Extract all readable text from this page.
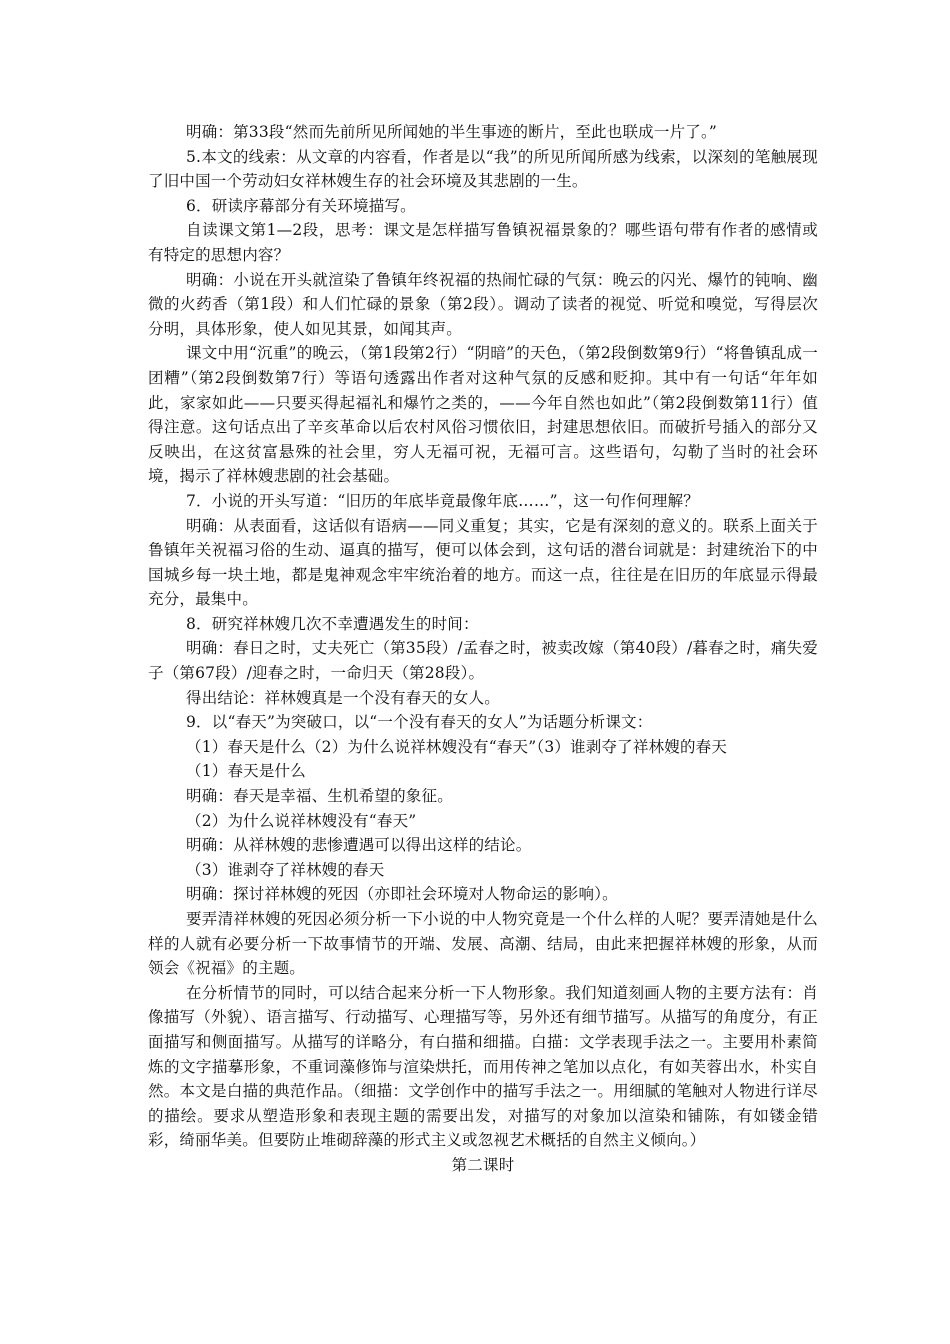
明确：第33段“然而先前所见所闻她的半生事迹的断片，至此也联成一片了。”

5.本文的线索：从文章的内容看，作者是以“我”的所见所闻所感为线索，以深刻的笔触展现了旧中国一个劳动妇女祥林嫂生存的社会环境及其悲剧的一生。

6．研读序幕部分有关环境描写。

自读课文第1—2段，思考：课文是怎样描写鲁镇祝福景象的？哪些语句带有作者的感情或有特定的思想内容？

明确：小说在开头就渲染了鲁镇年终祝福的热闹忙碌的气氛：晚云的闪光、爆竹的钝响、幽微的火药香（第1段）和人们忙碌的景象（第2段）。调动了读者的视觉、听觉和嗅觉，写得层次分明，具体形象，使人如见其景，如闻其声。

课文中用“沉重”的晚云，（第1段第2行）“阴暗”的天色，（第2段倒数第9行）“将鲁镇乱成一团糟”（第2段倒数第7行）等语句透露出作者对这种气氛的反感和贬抑。其中有一句话“年年如此，家家如此——只要买得起福礼和爆竹之类的，——今年自然也如此”（第2段倒数第11行）值得注意。这句话点出了辛亥革命以后农村风俗习惯依旧，封建思想依旧。而破折号插入的部分又反映出，在这贫富悬殊的社会里，穷人无福可祝，无福可言。这些语句，勾勒了当时的社会环境，揭示了祥林嫂悲剧的社会基础。

7．小说的开头写道：“旧历的年底毕竟最像年底……”，这一句作何理解？

明确：从表面看，这话似有语病——同义重复；其实，它是有深刻的意义的。联系上面关于鲁镇年关祝福习俗的生动、逼真的描写，便可以体会到，这句话的潜台词就是：封建统治下的中国城乡每一块土地，都是鬼神观念牢牢统治着的地方。而这一点，往往是在旧历的年底显示得最充分，最集中。

8．研究祥林嫂几次不幸遭遇发生的时间：

明确：春日之时，丈夫死亡（第35段）/孟春之时，被卖改嫁（第40段）/暮春之时，痛失爱子（第67段）/迎春之时，一命归天（第28段）。

得出结论：祥林嫂真是一个没有春天的女人。

9．以“春天”为突破口，以“一个没有春天的女人”为话题分析课文：

（1）春天是什么（2）为什么说祥林嫂没有“春天”（3）谁剥夺了祥林嫂的春天

（1）春天是什么

明确：春天是幸福、生机希望的象征。

（2）为什么说祥林嫂没有“春天”

明确：从祥林嫂的悲惨遭遇可以得出这样的结论。

（3）谁剥夺了祥林嫂的春天

明确：探讨祥林嫂的死因（亦即社会环境对人物命运的影响）。

要弄清祥林嫂的死因必须分析一下小说的中人物究竟是一个什么样的人呢？要弄清她是什么样的人就有必要分析一下故事情节的开端、发展、高潮、结局，由此来把握祥林嫂的形象，从而领会《祝福》的主题。

在分析情节的同时，可以结合起来分析一下人物形象。我们知道刻画人物的主要方法有：肖像描写（外貌）、语言描写、行动描写、心理描写等，另外还有细节描写。从描写的角度分，有正面描写和侧面描写。从描写的详略分，有白描和细描。白描：文学表现手法之一。主要用朴素简炼的文字描摹形象，不重词藻修饰与渲染烘托，而用传神之笔加以点化，有如芙蓉出水，朴实自然。本文是白描的典范作品。（细描：文学创作中的描写手法之一。用细腻的笔触对人物进行详尽的描绘。要求从塑造形象和表现主题的需要出发，对描写的对象加以渲染和铺陈，有如镂金错彩，绮丽华美。但要防止堆砌辞藻的形式主义或忽视艺术概括的自然主义倾向。）

第二课时
